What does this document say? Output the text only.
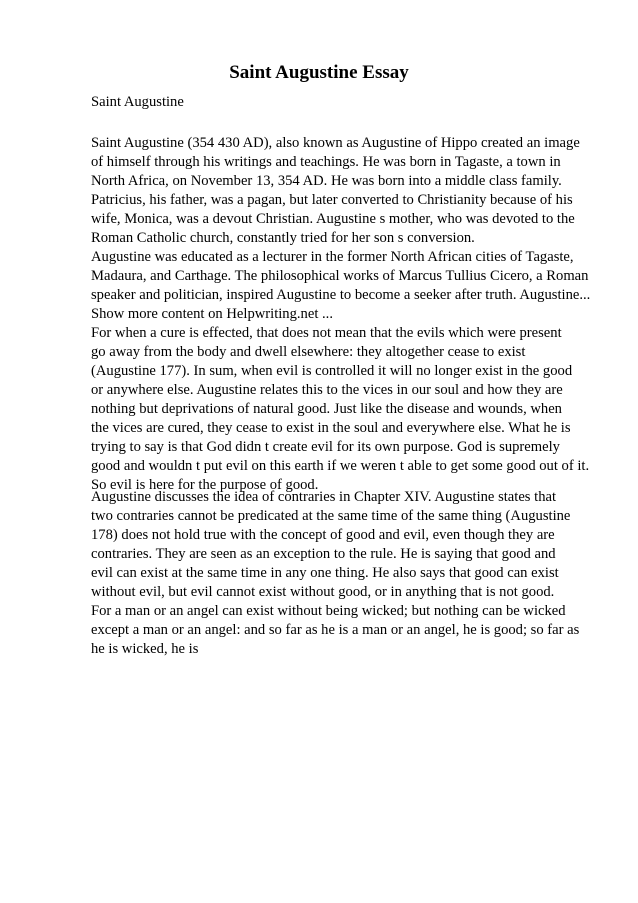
Saint Augustine Essay
Saint Augustine
Saint Augustine (354 430 AD), also known as Augustine of Hippo created an image
of himself through his writings and teachings. He was born in Tagaste, a town in
North Africa, on November 13, 354 AD. He was born into a middle class family.
Patricius, his father, was a pagan, but later converted to Christianity because of his
wife, Monica, was a devout Christian. Augustine s mother, who was devoted to the
Roman Catholic church, constantly tried for her son s conversion.
Augustine was educated as a lecturer in the former North African cities of Tagaste,
Madaura, and Carthage. The philosophical works of Marcus Tullius Cicero, a Roman
speaker and politician, inspired Augustine to become a seeker after truth. Augustine...
Show more content on Helpwriting.net ...
For when a cure is effected, that does not mean that the evils which were present
go away from the body and dwell elsewhere: they altogether cease to exist
(Augustine 177). In sum, when evil is controlled it will no longer exist in the good
or anywhere else. Augustine relates this to the vices in our soul and how they are
nothing but deprivations of natural good. Just like the disease and wounds, when
the vices are cured, they cease to exist in the soul and everywhere else. What he is
trying to say is that God didn t create evil for its own purpose. God is supremely
good and wouldn t put evil on this earth if we weren t able to get some good out of it.
So evil is here for the purpose of good.
Augustine discusses the idea of contraries in Chapter XIV. Augustine states that
two contraries cannot be predicated at the same time of the same thing (Augustine
178) does not hold true with the concept of good and evil, even though they are
contraries. They are seen as an exception to the rule. He is saying that good and
evil can exist at the same time in any one thing. He also says that good can exist
without evil, but evil cannot exist without good, or in anything that is not good.
For a man or an angel can exist without being wicked; but nothing can be wicked
except a man or an angel: and so far as he is a man or an angel, he is good; so far as
he is wicked, he is
